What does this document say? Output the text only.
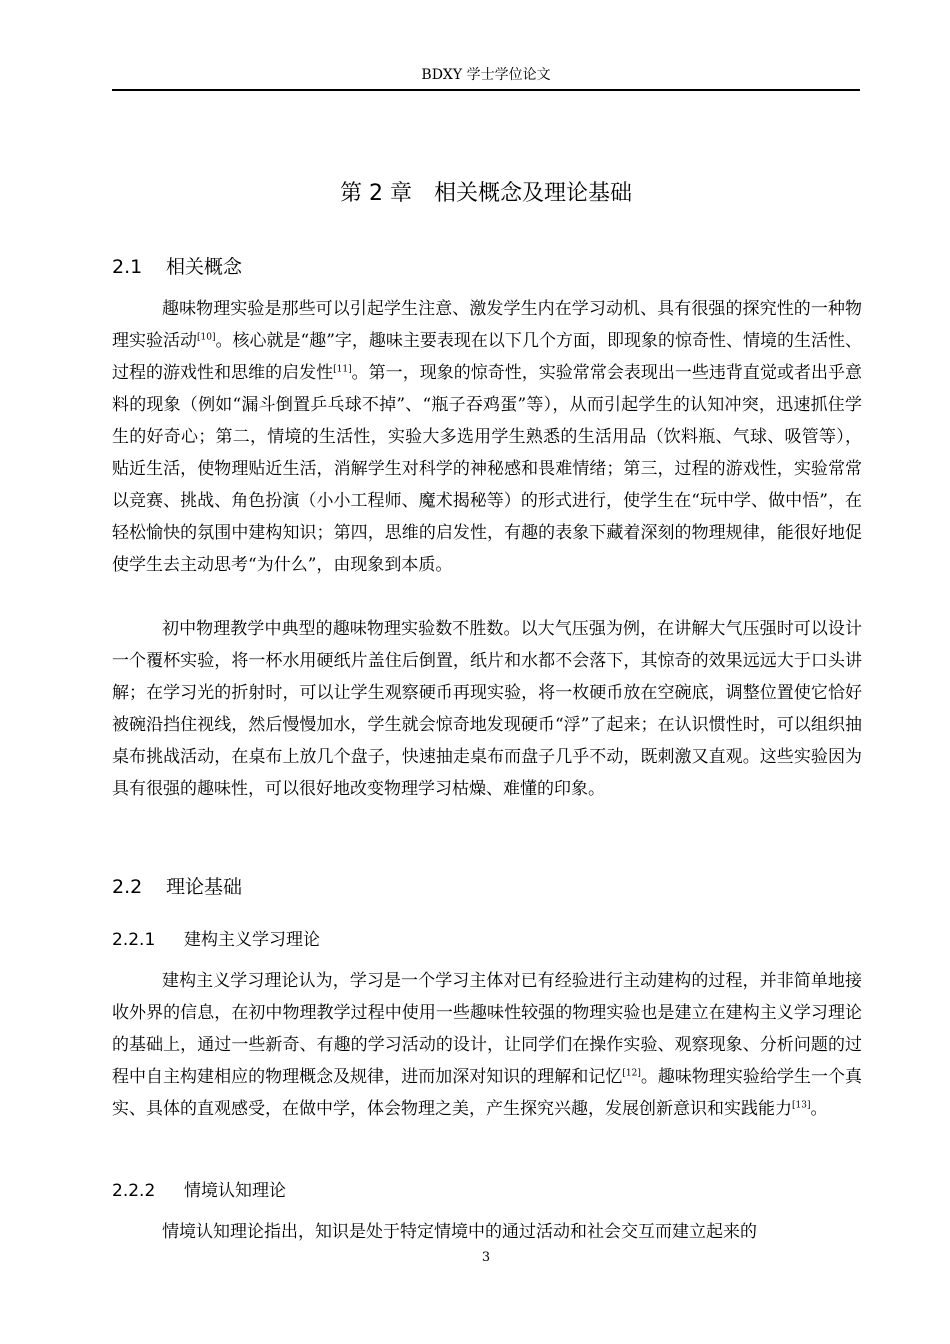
BDXY 学士学位论文
第 2 章　相关概念及理论基础
2.1 相关概念

趣味物理实验是那些可以引起学生注意、激发学生内在学习动机、具有很强的探究性的一种物理实验活动[10]。核心就是“趣”字，趣味主要表现在以下几个方面，即现象的惊奇性、情境的生活性、过程的游戏性和思维的启发性[11]。第一，现象的惊奇性，实验常常会表现出一些违背直觉或者出乎意料的现象（例如“漏斗倒置乒乓球不掉”、“瓶子吞鸡蛋”等），从而引起学生的认知冲突，迅速抓住学生的好奇心；第二，情境的生活性，实验大多选用学生熟悉的生活用品（饮料瓶、气球、吸管等），贴近生活，使物理贴近生活，消解学生对科学的神秘感和畏难情绪；第三，过程的游戏性，实验常常以竞赛、挑战、角色扮演（小小工程师、魔术揭秘等）的形式进行，使学生在“玩中学、做中悟”，在轻松愉快的氛围中建构知识；第四，思维的启发性，有趣的表象下藏着深刻的物理规律，能很好地促使学生去主动思考“为什么”，由现象到本质。

初中物理教学中典型的趣味物理实验数不胜数。以大气压强为例，在讲解大气压强时可以设计一个覆杯实验，将一杯水用硬纸片盖住后倒置，纸片和水都不会落下，其惊奇的效果远远大于口头讲解；在学习光的折射时，可以让学生观察硬币再现实验，将一枚硬币放在空碗底，调整位置使它恰好被碗沿挡住视线，然后慢慢加水，学生就会惊奇地发现硬币“浮”了起来；在认识惯性时，可以组织抽桌布挑战活动，在桌布上放几个盘子，快速抽走桌布而盘子几乎不动，既刺激又直观。这些实验因为具有很强的趣味性，可以很好地改变物理学习枯燥、难懂的印象。

2.2 理论基础
2.2.1 建构主义学习理论

建构主义学习理论认为，学习是一个学习主体对已有经验进行主动建构的过程，并非简单地接收外界的信息，在初中物理教学过程中使用一些趣味性较强的物理实验也是建立在建构主义学习理论的基础上，通过一些新奇、有趣的学习活动的设计，让同学们在操作实验、观察现象、分析问题的过程中自主构建相应的物理概念及规律，进而加深对知识的理解和记忆[12]。趣味物理实验给学生一个真实、具体的直观感受，在做中学，体会物理之美，产生探究兴趣，发展创新意识和实践能力[13]。

2.2.2 情境认知理论

情境认知理论指出，知识是处于特定情境中的通过活动和社会交互而建立起来的

3
